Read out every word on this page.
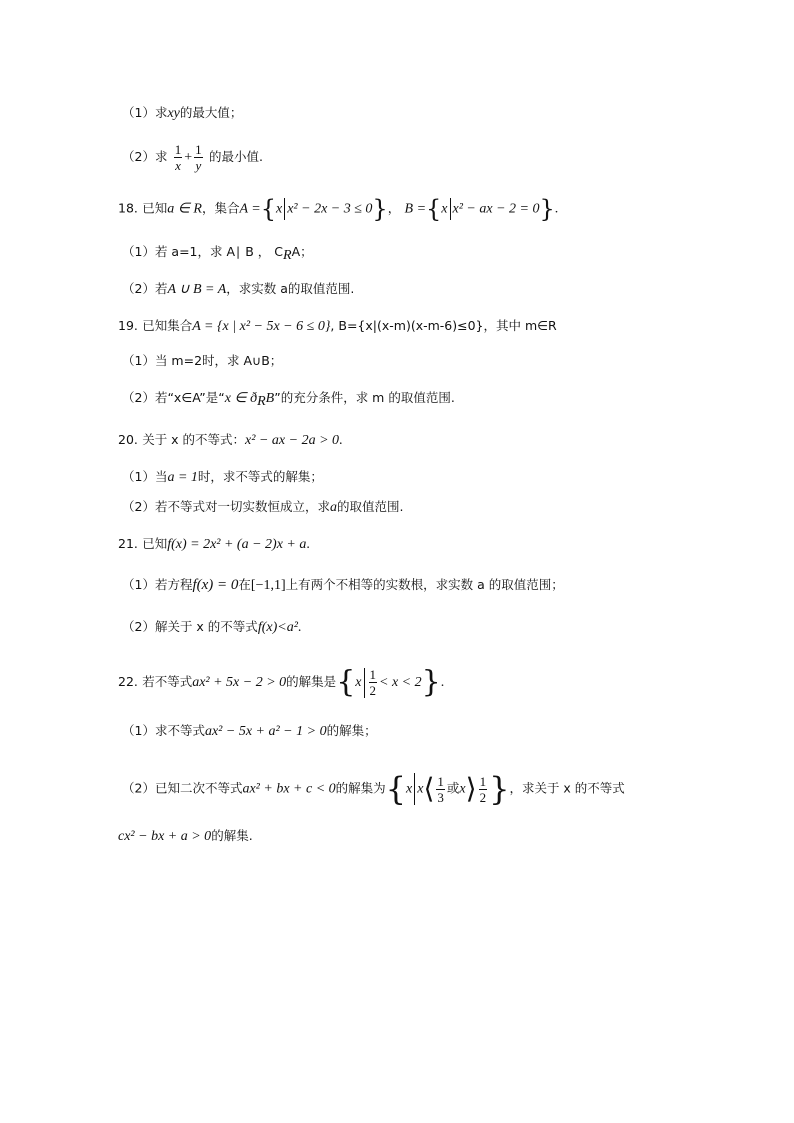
（1）求xy的最大值；
（2）求 $\frac{1}{x} + \frac{1}{y}$ 的最小值.
18. 已知a ∈ R，集合A ={x x² − 2x − 3 ≤ 0}， B ={x x² − ax − 2 = 0}.
（1）若 a=1，求 A∣ B ， $C_RA$；
（2）若A ∪ B = A，求实数 a的取值范围.
19. 已知集合A = {x | x² − 5x − 6 ≤ 0}, B={x|(x-m)(x-m-6)≤0}，其中 m∈R
（1）当 m=2时，求 A∪B；
（2）若“x∈A”是“x ∈ $ð_RB$”的充分条件，求 m 的取值范围.
20. 关于 x 的不等式：x² − ax − 2a > 0.
（1）当a = 1时，求不等式的解集；
（2）若不等式对一切实数恒成立，求a的取值范围.
21. 已知f(x) = 2x² + (a − 2)x + a.
（1）若方程f(x) = 0在[−1,1]上有两个不相等的实数根，求实数 a 的取值范围；
（2）解关于 x 的不等式f(x)<a².
22. 若不等式ax² + 5x − 2 > 0的解集是$\{x \frac{1}{2} < x < 2\}$.
（1）求不等式ax² − 5x + a² − 1 > 0的解集；
（2）已知二次不等式ax² + bx + c < 0的解集为{x x⟨ $\frac{1}{3}$ 或x⟩ $\frac{1}{2}$ }，求关于 x 的不等式
cx² − bx + a > 0的解集.
